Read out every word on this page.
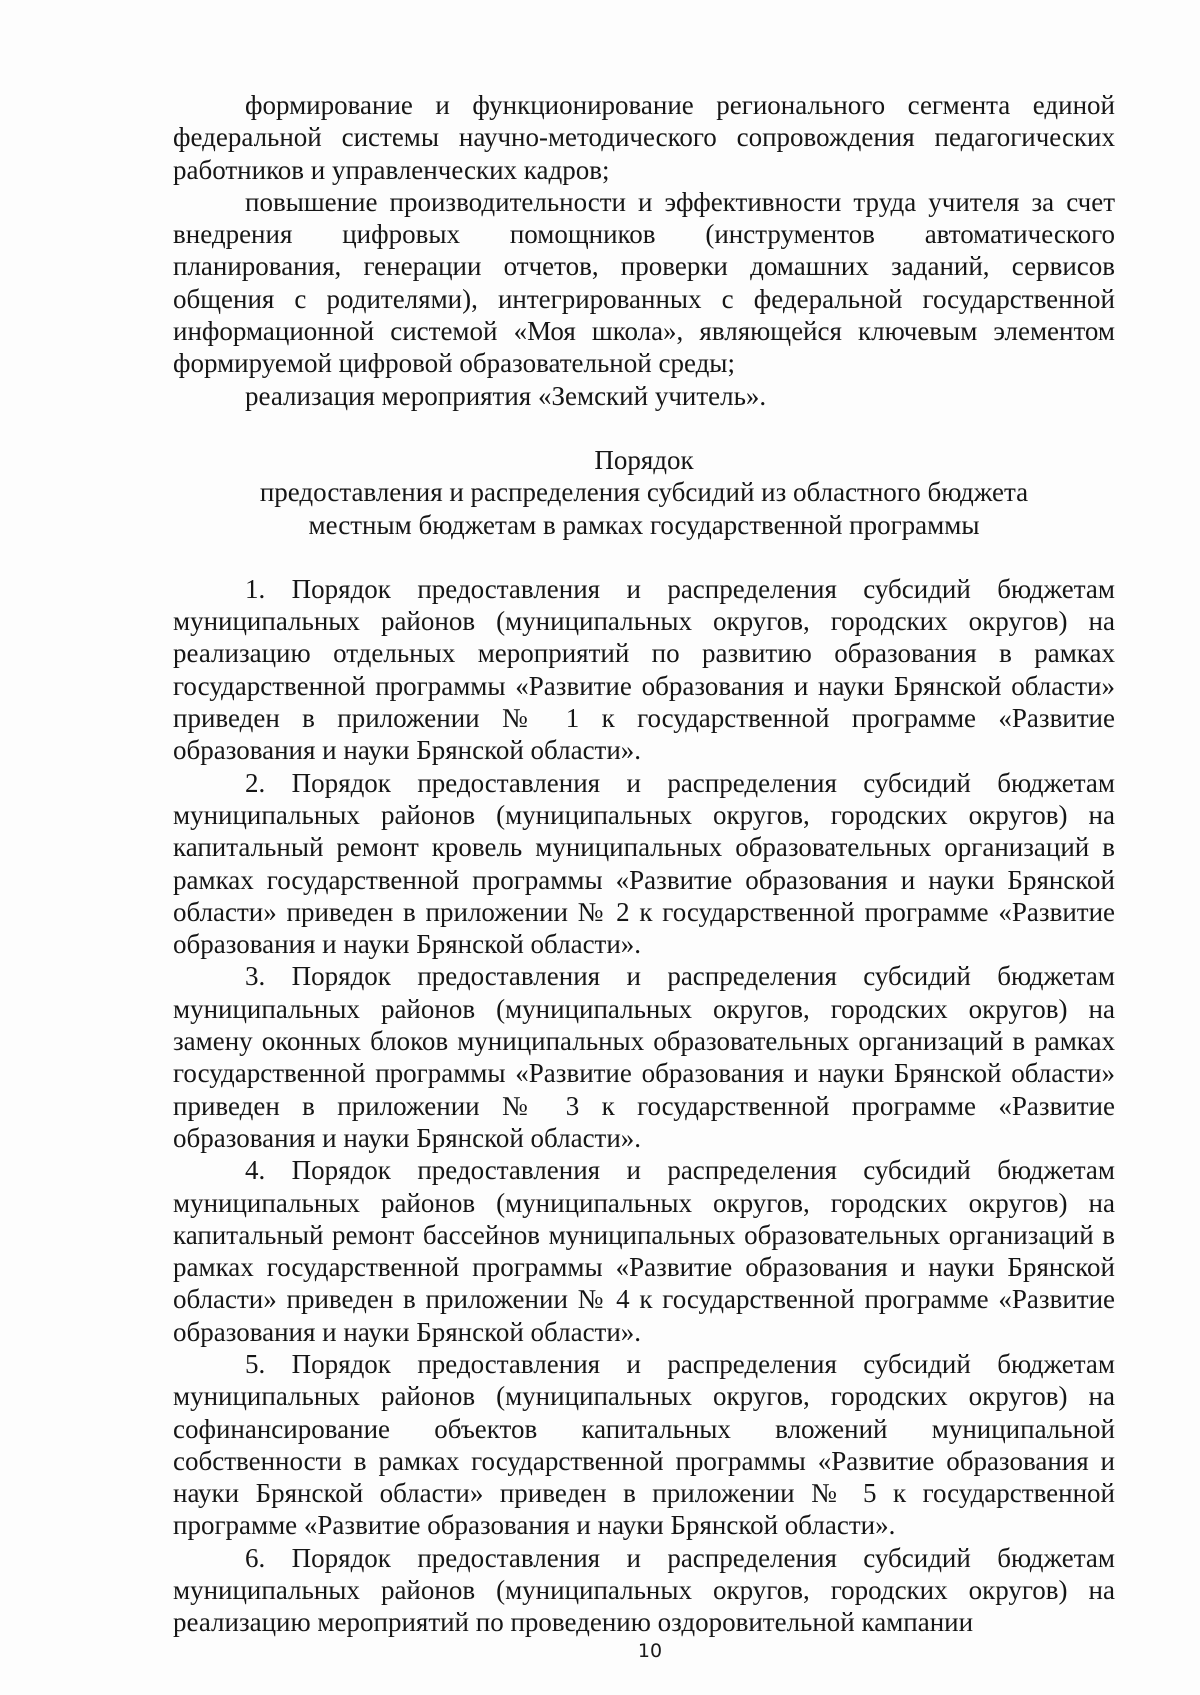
формирование и функционирование регионального сегмента единой федеральной системы научно-методического сопровождения педагогических работников и управленческих кадров;

повышение производительности и эффективности труда учителя за счет внедрения цифровых помощников (инструментов автоматического планирования, генерации отчетов, проверки домашних заданий, сервисов общения с родителями), интегрированных с федеральной государственной информационной системой «Моя школа», являющейся ключевым элементом формируемой цифровой образовательной среды;

реализация мероприятия «Земский учитель».

Порядок

предоставления и распределения субсидий из областного бюджета

местным бюджетам в рамках государственной программы

1. Порядок предоставления и распределения субсидий бюджетам муниципальных районов (муниципальных округов, городских округов) на реализацию отдельных мероприятий по развитию образования в рамках государственной программы «Развитие образования и науки Брянской области» приведен в приложении № 1 к государственной программе «Развитие образования и науки Брянской области».

2. Порядок предоставления и распределения субсидий бюджетам муниципальных районов (муниципальных округов, городских округов) на капитальный ремонт кровель муниципальных образовательных организаций в рамках государственной программы «Развитие образования и науки Брянской области» приведен в приложении № 2 к государственной программе «Развитие образования и науки Брянской области».

3. Порядок предоставления и распределения субсидий бюджетам муниципальных районов (муниципальных округов, городских округов) на замену оконных блоков муниципальных образовательных организаций в рамках государственной программы «Развитие образования и науки Брянской области» приведен в приложении № 3 к государственной программе «Развитие образования и науки Брянской области».

4. Порядок предоставления и распределения субсидий бюджетам муниципальных районов (муниципальных округов, городских округов) на капитальный ремонт бассейнов муниципальных образовательных организаций в рамках государственной программы «Развитие образования и науки Брянской области» приведен в приложении № 4 к государственной программе «Развитие образования и науки Брянской области».

5. Порядок предоставления и распределения субсидий бюджетам муниципальных районов (муниципальных округов, городских округов) на софинансирование объектов капитальных вложений муниципальной собственности в рамках государственной программы «Развитие образования и науки Брянской области» приведен в приложении № 5 к государственной программе «Развитие образования и науки Брянской области».

6. Порядок предоставления и распределения субсидий бюджетам муниципальных районов (муниципальных округов, городских округов) на реализацию мероприятий по проведению оздоровительной кампании

10
